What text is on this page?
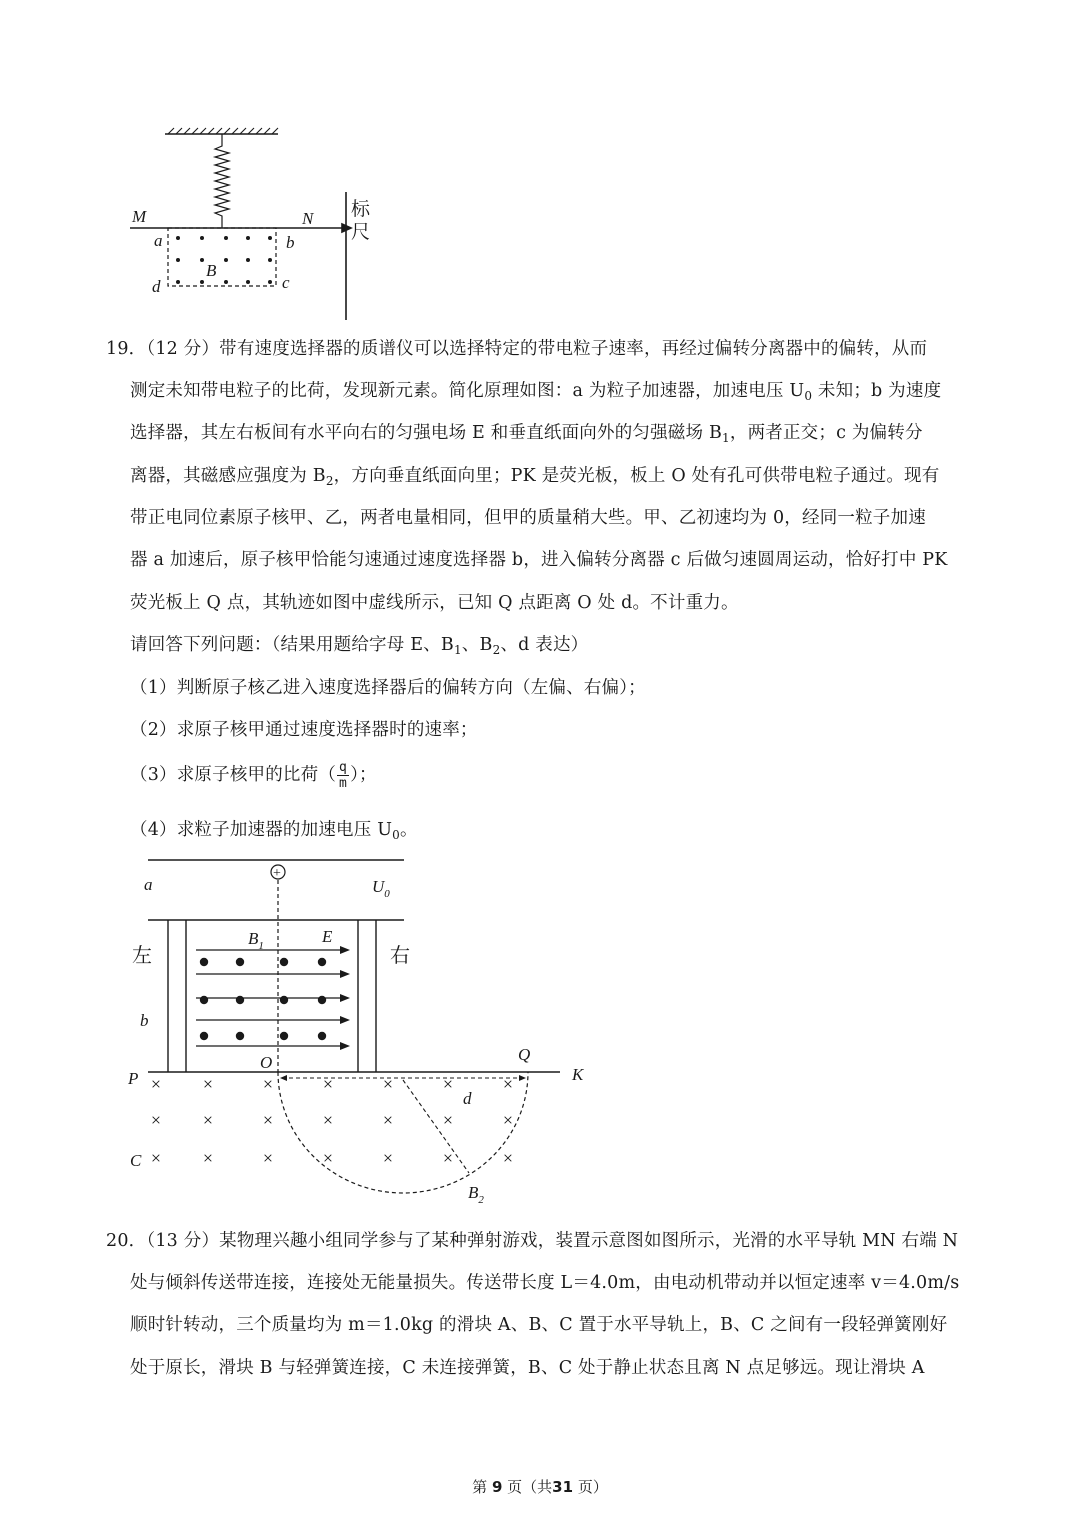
M	N
a	b
c
d
B
标
尺
19．（12 分）带有速度选择器的质谱仪可以选择特定的带电粒子速率，再经过偏转分离器中的偏转，从而
测定未知带电粒子的比荷，发现新元素。简化原理如图：a 为粒子加速器，加速电压 $U_0$ 未知；b 为速度
选择器，其左右板间有水平向右的匀强电场 E 和垂直纸面向外的匀强磁场 $B_1$，两者正交；c 为偏转分
离器，其磁感应强度为 $B_2$，方向垂直纸面向里；PK 是荧光板，板上 O 处有孔可供带电粒子通过。现有
带正电同位素原子核甲、乙，两者电量相同，但甲的质量稍大些。甲、乙初速均为 0，经同一粒子加速
器 a 加速后，原子核甲恰能匀速通过速度选择器 b，进入偏转分离器 c 后做匀速圆周运动，恰好打中 PK
荧光板上 Q 点，其轨迹如图中虚线所示，已知 Q 点距离 O 处 d。不计重力。
请回答下列问题：（结果用题给字母 E、$B_1$、$B_2$、d 表达）
（1）判断原子核乙进入速度选择器后的偏转方向（左偏、右偏）；
（2）求原子核甲通过速度选择器时的速率；
（3）求原子核甲的比荷（ $\frac{q}{m}$ ）；
（4）求粒子加速器的加速电压 $U_0$。
× ×	×	×	×	×	×
× ×	×	×	×	×	×
× ×	×	×	×	×	×
+
a	$U_0$
左	右
b
$B_1$	E
O	Q
P	K
C
d
$B_2$
20．（13 分）某物理兴趣小组同学参与了某种弹射游戏，装置示意图如图所示，光滑的水平导轨 MN 右端 N
处与倾斜传送带连接，连接处无能量损失。传送带长度 L＝4.0m，由电动机带动并以恒定速率 v＝4.0m/s
顺时针转动，三个质量均为 m＝1.0kg 的滑块 A、B、C 置于水平导轨上，B、C 之间有一段轻弹簧刚好
处于原长，滑块 B 与轻弹簧连接，C 未连接弹簧，B、C 处于静止状态且离 N 点足够远。现让滑块 A
第 9 页（共31 页）
